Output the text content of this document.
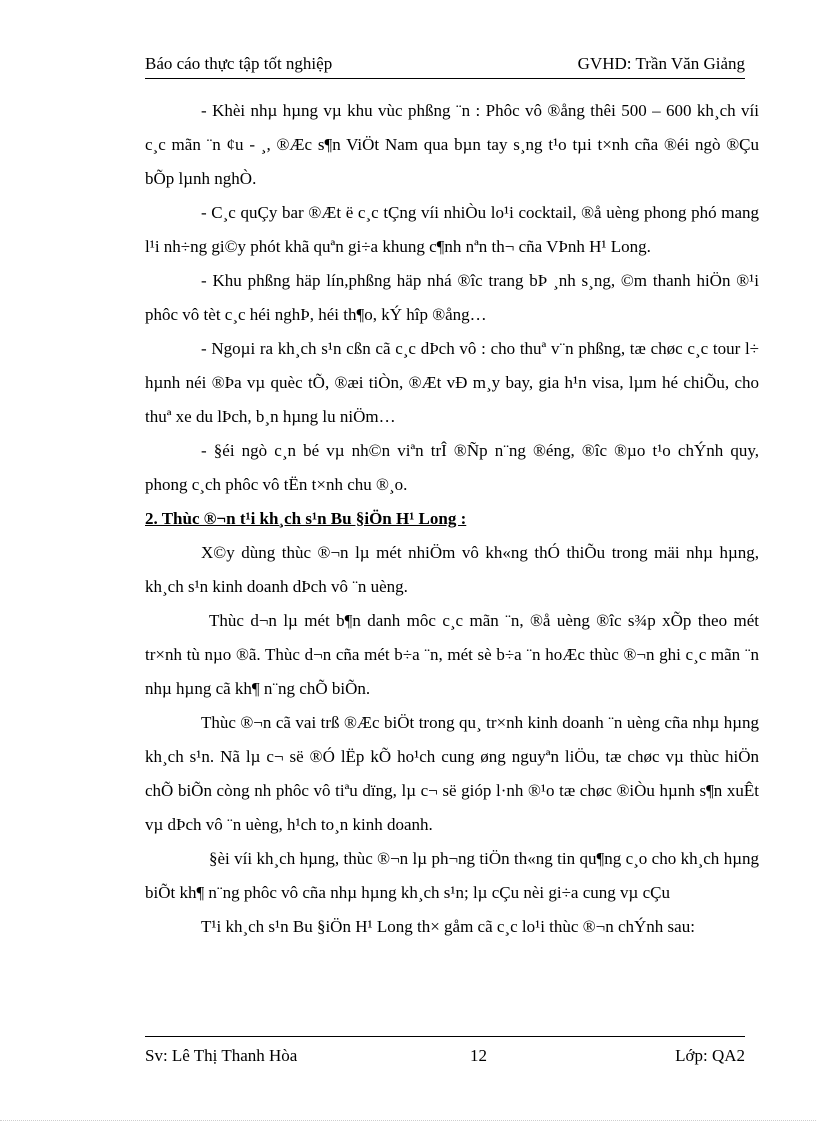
Báo cáo thực tập tốt nghiệp	GVHD: Trần Văn Giảng

- Khèi nhµ hµng vµ khu vùc phßng ¨n : Phôc vô ®ång thêi 500 – 600 kh¸ch víi c¸c mãn ¨n ¢u - ¸, ®Æc s¶n ViÖt Nam qua bµn tay s¸ng t¹o tµi t×nh cña ®éi ngò ®Çu bÕp lµnh nghÒ.

- C¸c quÇy bar ®Æt ë c¸c tÇng víi nhiÒu lo¹i cocktail, ®å uèng phong phó mang l¹i nh÷ng gi©y phót khã quªn gi÷a khung c¶nh nªn th¬ cña VÞnh H¹ Long.

- Khu phßng häp lín,phßng häp nhá ®îc trang bÞ ¸nh s¸ng, ©m thanh hiÖn ®¹i phôc vô tèt c¸c héi nghÞ, héi th¶o, kÝ hîp ®ång…

- Ngoµi ra kh¸ch s¹n cßn cã c¸c dÞch vô : cho thuª v¨n phßng, tæ chøc c¸c tour l÷ hµnh néi ®Þa vµ quèc tÕ, ®æi tiÒn, ®Æt vÐ m¸y bay, gia h¹n visa, lµm hé chiÕu, cho thuª xe du lÞch, b¸n hµng lu niÖm…

- §éi ngò c¸n bé vµ nh©n viªn trÎ ®Ñp n¨ng ®éng, ®îc ®µo t¹o chÝnh quy, phong c¸ch phôc vô tËn t×nh chu ®¸o.

2. Thùc ®¬n t¹i kh¸ch s¹n Bu §iÖn H¹ Long :

X©y dùng thùc ®¬n lµ mét nhiÖm vô kh«ng thÓ thiÕu trong mäi nhµ hµng, kh¸ch s¹n kinh doanh dÞch vô ¨n uèng.

Thùc d¬n lµ mét b¶n danh môc c¸c mãn ¨n, ®å uèng ®îc s¾p xÕp theo mét tr×nh tù nµo ®ã. Thùc d¬n cña mét b÷a ¨n, mét sè b÷a ¨n hoÆc thùc ®¬n ghi c¸c mãn ¨n nhµ hµng cã kh¶ n¨ng chÕ biÕn.

Thùc ®¬n cã vai trß ®Æc biÖt trong qu¸ tr×nh kinh doanh ¨n uèng cña nhµ hµng kh¸ch s¹n. Nã lµ c¬ së ®Ó lËp kÕ ho¹ch cung øng nguyªn liÖu, tæ chøc vµ thùc hiÖn chÕ biÕn còng nh phôc vô tiªu dïng, lµ c¬ së gióp l·nh ®¹o tæ chøc ®iÒu hµnh s¶n xuÊt vµ dÞch vô ¨n uèng, h¹ch to¸n kinh doanh.

§èi víi kh¸ch hµng, thùc ®¬n lµ ph¬ng tiÖn th«ng tin qu¶ng c¸o cho kh¸ch hµng biÕt kh¶ n¨ng phôc vô cña nhµ hµng kh¸ch s¹n; lµ cÇu nèi gi÷a cung vµ cÇu

T¹i kh¸ch s¹n Bu §iÖn H¹ Long th× gåm cã c¸c lo¹i thùc ®¬n chÝnh sau:

Sv: Lê Thị Thanh Hòa	12	Lớp: QA2
